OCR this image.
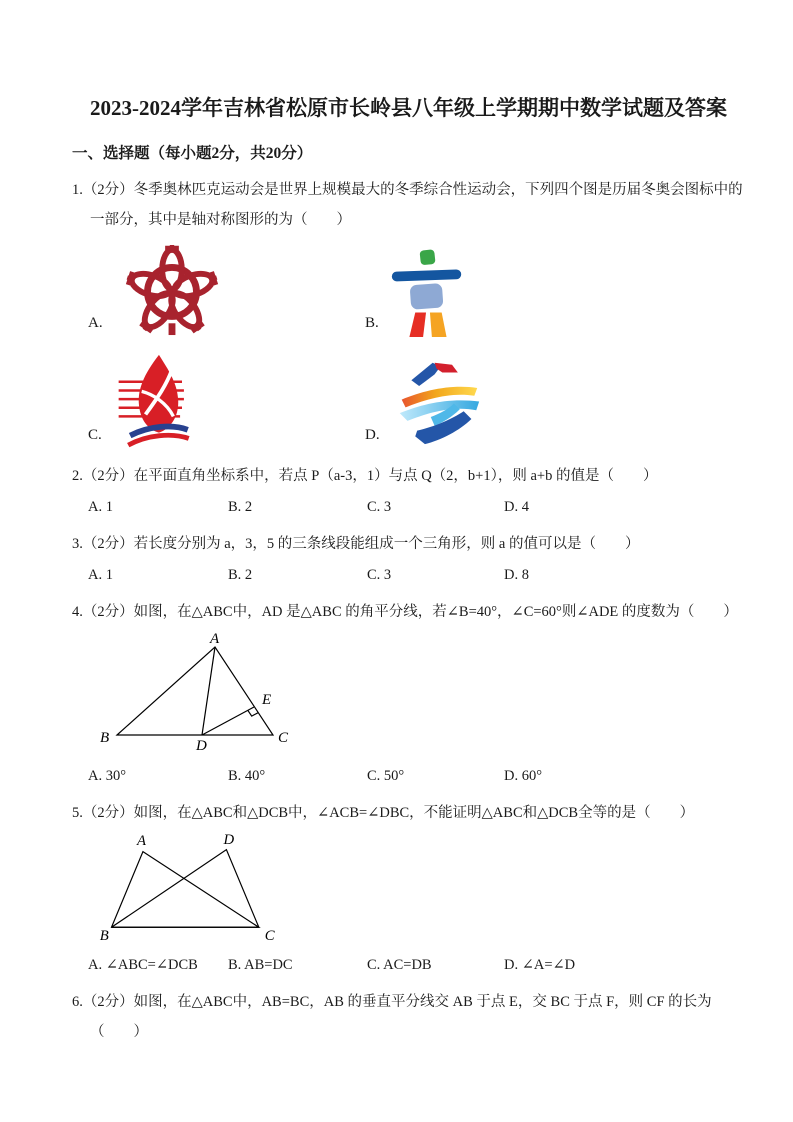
2023-2024学年吉林省松原市长岭县八年级上学期期中数学试题及答案
一、选择题（每小题2分，共20分）

1.（2分）冬季奥林匹克运动会是世界上规模最大的冬季综合性运动会，下列四个图是历届冬奥会图标中的一部分，其中是轴对称图形的为（　　）

A.	B.
C.	D.

2.（2分）在平面直角坐标系中，若点 P（a-3，1）与点 Q（2，b+1），则 a+b 的值是（　　）

A. 1	B. 2	C. 3	D. 4

3.（2分）若长度分别为 a，3，5 的三条线段能组成一个三角形，则 a 的值可以是（　　）

A. 1	B. 2	C. 3	D. 8

4.（2分）如图，在△ABC中，AD 是△ABC 的角平分线，若∠B=40°，∠C=60°则∠ADE 的度数为（　　）

A
B	C
D
E
A. 30°	B. 40°	C. 50°	D. 60°

5.（2分）如图，在△ABC和△DCB中，∠ACB=∠DBC，不能证明△ABC和△DCB全等的是（　　）

A	D
B	C
A. ∠ABC=∠DCB	B. AB=DC	C. AC=DB	D. ∠A=∠D

6.（2分）如图，在△ABC中，AB=BC，AB 的垂直平分线交 AB 于点 E，交 BC 于点 F，则 CF 的长为（　　）
